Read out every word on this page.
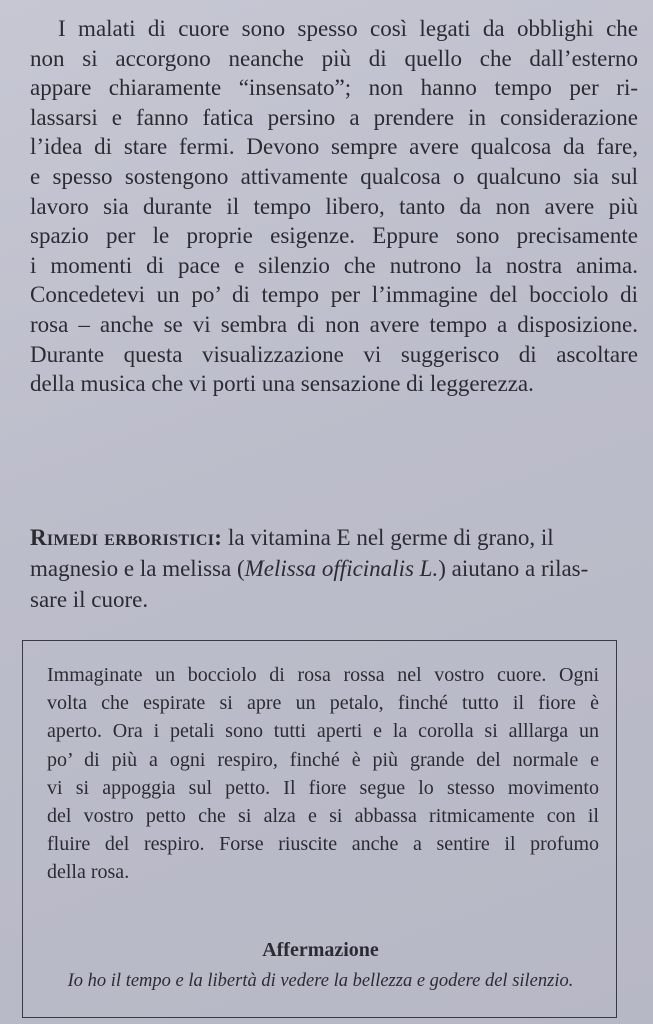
I malati di cuore sono spesso così legati da obblighi che
non si accorgono neanche più di quello che dall’esterno
appare chiaramente “insensato”; non hanno tempo per ri-
lassarsi e fanno fatica persino a prendere in considerazione
l’idea di stare fermi. Devono sempre avere qualcosa da fare,
e spesso sostengono attivamente qualcosa o qualcuno sia sul
lavoro sia durante il tempo libero, tanto da non avere più
spazio per le proprie esigenze. Eppure sono precisamente
i momenti di pace e silenzio che nutrono la nostra anima.
Concedetevi un po’ di tempo per l’immagine del bocciolo di
rosa – anche se vi sembra di non avere tempo a disposizione.
Durante questa visualizzazione vi suggerisco di ascoltare
della musica che vi porti una sensazione di leggerezza.

Rimedi erboristici: la vitamina E nel germe di grano, il magnesio e la melissa (Melissa officinalis L.) aiutano a rilas-sare il cuore.

Immaginate un bocciolo di rosa rossa nel vostro cuore. Ogni
volta che espirate si apre un petalo, finché tutto il fiore è
aperto. Ora i petali sono tutti aperti e la corolla si alllarga un
po’ di più a ogni respiro, finché è più grande del normale e
vi si appoggia sul petto. Il fiore segue lo stesso movimento
del vostro petto che si alza e si abbassa ritmicamente con il
fluire del respiro. Forse riuscite anche a sentire il profumo
della rosa.

Affermazione

Io ho il tempo e la libertà di vedere la bellezza e godere del silenzio.
